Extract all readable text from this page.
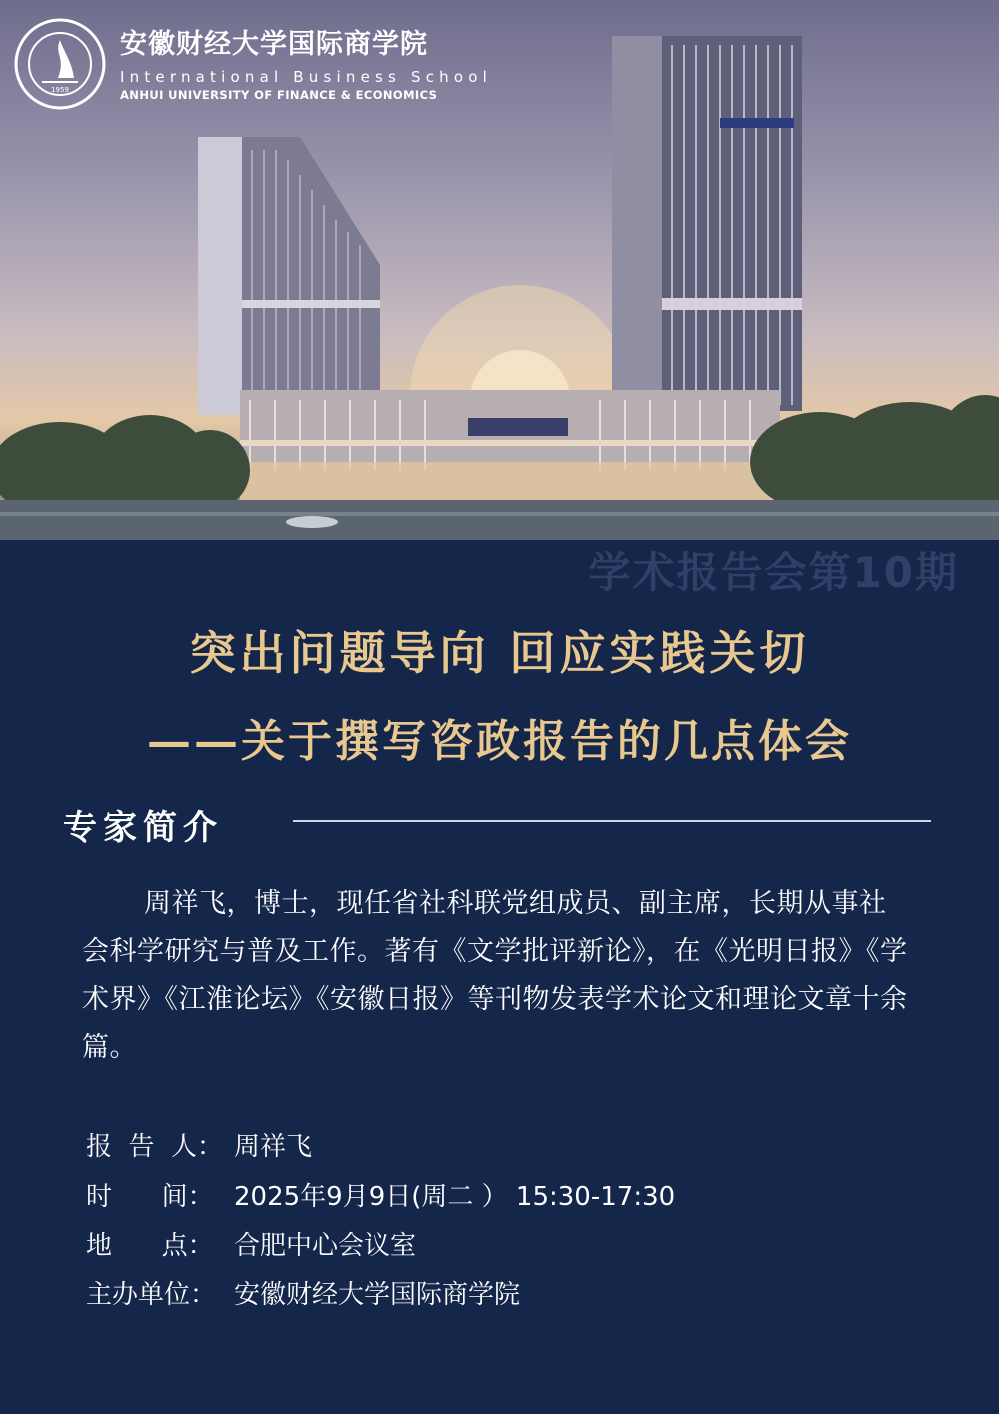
1959
安徽财经大学国际商学院
International Business School
ANHUI UNIVERSITY OF FINANCE & ECONOMICS
学术报告会第10期
突出问题导向 回应实践关切
——关于撰写咨政报告的几点体会
专家简介
周祥飞，博士，现任省社科联党组成员、副主席，长期从事社会科学研究与普及工作。著有《文学批评新论》，在《光明日报》《学术界》《江淮论坛》《安徽日报》等刊物发表学术论文和理论文章十余篇。
报  告  人： 周祥飞
时      间： 2025年9月9日(周二 ） 15:30-17:30
地      点： 合肥中心会议室
主办单位： 安徽财经大学国际商学院
